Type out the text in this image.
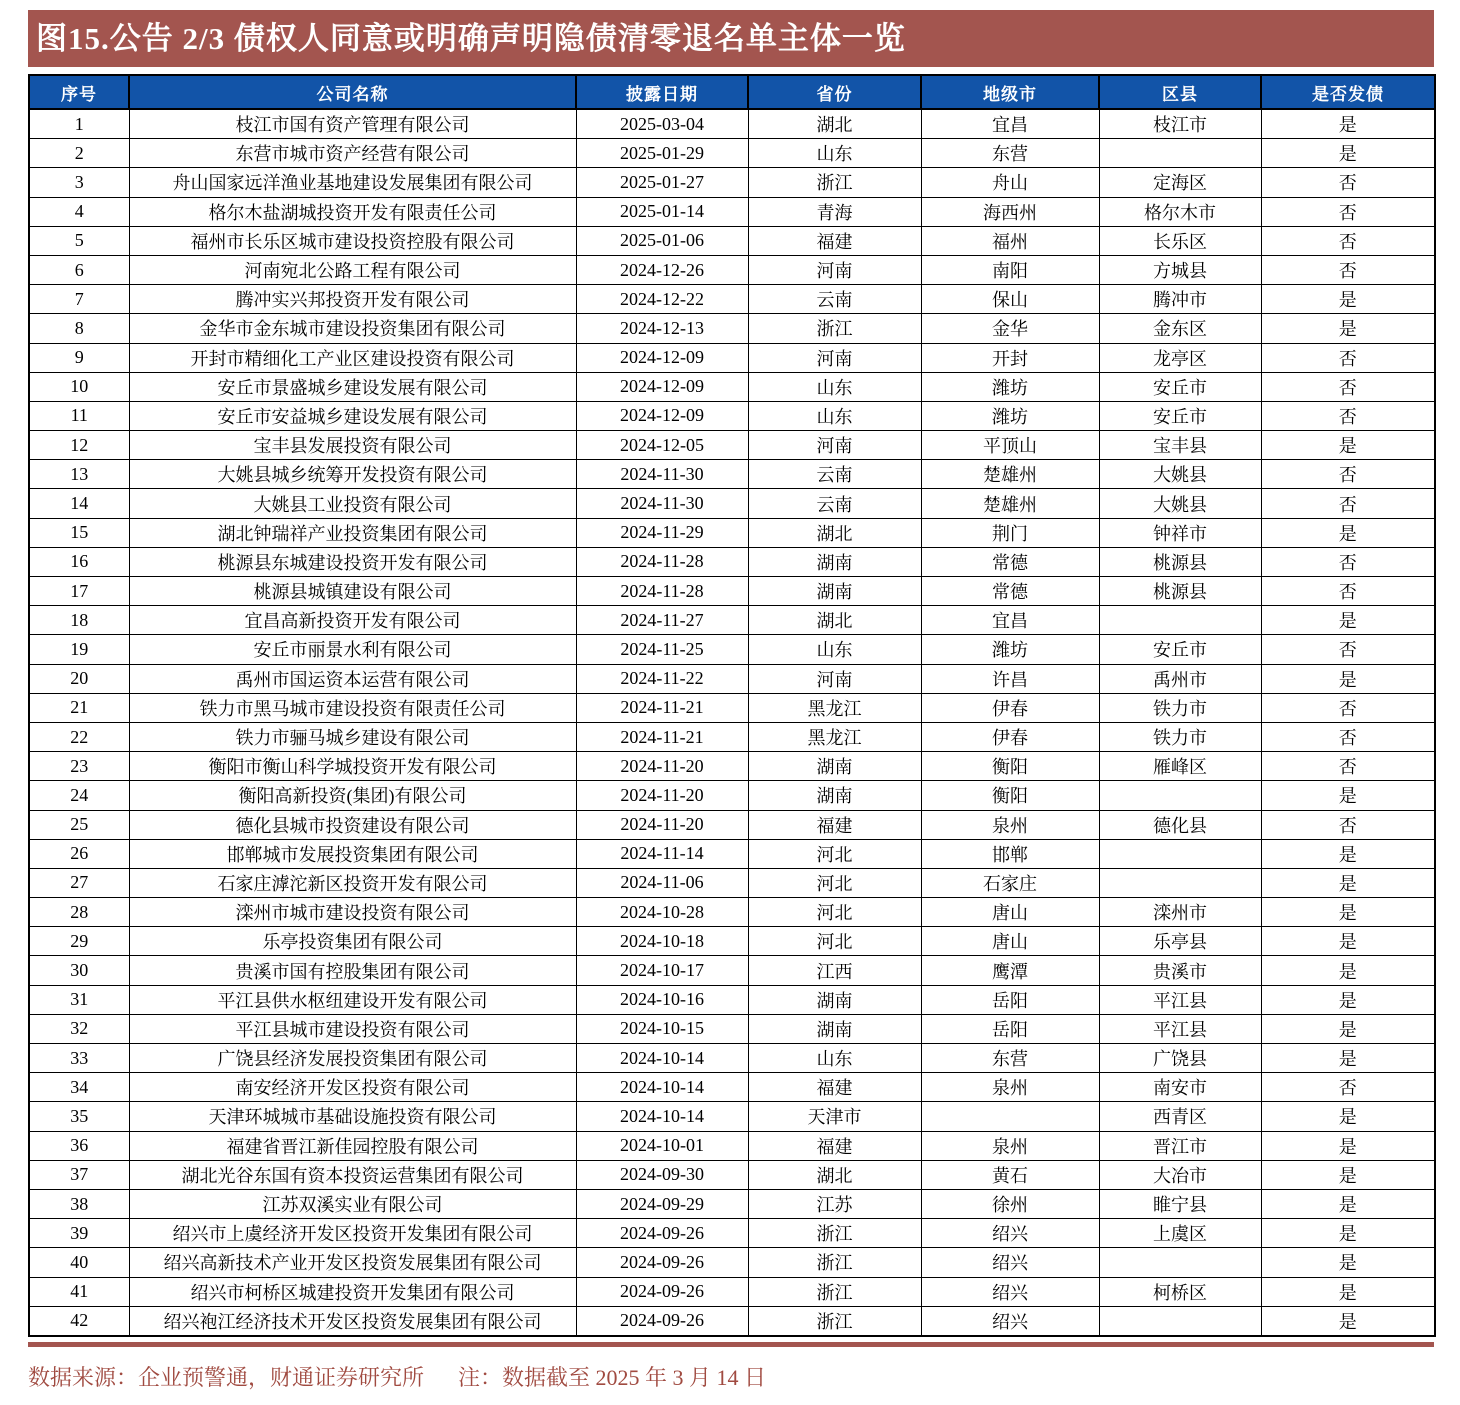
图15.公告 2/3 债权人同意或明确声明隐债清零退名单主体一览
序号	公司名称	披露日期	省份	地级市	区县	是否发债
1	枝江市国有资产管理有限公司	2025-03-04	湖北	宜昌	枝江市	是
2	东营市城市资产经营有限公司	2025-01-29	山东	东营		是
3	舟山国家远洋渔业基地建设发展集团有限公司	2025-01-27	浙江	舟山	定海区	否
4	格尔木盐湖城投资开发有限责任公司	2025-01-14	青海	海西州	格尔木市	否
5	福州市长乐区城市建设投资控股有限公司	2025-01-06	福建	福州	长乐区	否
6	河南宛北公路工程有限公司	2024-12-26	河南	南阳	方城县	否
7	腾冲实兴邦投资开发有限公司	2024-12-22	云南	保山	腾冲市	是
8	金华市金东城市建设投资集团有限公司	2024-12-13	浙江	金华	金东区	是
9	开封市精细化工产业区建设投资有限公司	2024-12-09	河南	开封	龙亭区	否
10	安丘市景盛城乡建设发展有限公司	2024-12-09	山东	潍坊	安丘市	否
11	安丘市安益城乡建设发展有限公司	2024-12-09	山东	潍坊	安丘市	否
12	宝丰县发展投资有限公司	2024-12-05	河南	平顶山	宝丰县	是
13	大姚县城乡统筹开发投资有限公司	2024-11-30	云南	楚雄州	大姚县	否
14	大姚县工业投资有限公司	2024-11-30	云南	楚雄州	大姚县	否
15	湖北钟瑞祥产业投资集团有限公司	2024-11-29	湖北	荆门	钟祥市	是
16	桃源县东城建设投资开发有限公司	2024-11-28	湖南	常德	桃源县	否
17	桃源县城镇建设有限公司	2024-11-28	湖南	常德	桃源县	否
18	宜昌高新投资开发有限公司	2024-11-27	湖北	宜昌		是
19	安丘市丽景水利有限公司	2024-11-25	山东	潍坊	安丘市	否
20	禹州市国运资本运营有限公司	2024-11-22	河南	许昌	禹州市	是
21	铁力市黑马城市建设投资有限责任公司	2024-11-21	黑龙江	伊春	铁力市	否
22	铁力市骊马城乡建设有限公司	2024-11-21	黑龙江	伊春	铁力市	否
23	衡阳市衡山科学城投资开发有限公司	2024-11-20	湖南	衡阳	雁峰区	否
24	衡阳高新投资(集团)有限公司	2024-11-20	湖南	衡阳		是
25	德化县城市投资建设有限公司	2024-11-20	福建	泉州	德化县	否
26	邯郸城市发展投资集团有限公司	2024-11-14	河北	邯郸		是
27	石家庄滹沱新区投资开发有限公司	2024-11-06	河北	石家庄		是
28	滦州市城市建设投资有限公司	2024-10-28	河北	唐山	滦州市	是
29	乐亭投资集团有限公司	2024-10-18	河北	唐山	乐亭县	是
30	贵溪市国有控股集团有限公司	2024-10-17	江西	鹰潭	贵溪市	是
31	平江县供水枢纽建设开发有限公司	2024-10-16	湖南	岳阳	平江县	是
32	平江县城市建设投资有限公司	2024-10-15	湖南	岳阳	平江县	是
33	广饶县经济发展投资集团有限公司	2024-10-14	山东	东营	广饶县	是
34	南安经济开发区投资有限公司	2024-10-14	福建	泉州	南安市	否
35	天津环城城市基础设施投资有限公司	2024-10-14	天津市		西青区	是
36	福建省晋江新佳园控股有限公司	2024-10-01	福建	泉州	晋江市	是
37	湖北光谷东国有资本投资运营集团有限公司	2024-09-30	湖北	黄石	大冶市	是
38	江苏双溪实业有限公司	2024-09-29	江苏	徐州	睢宁县	是
39	绍兴市上虞经济开发区投资开发集团有限公司	2024-09-26	浙江	绍兴	上虞区	是
40	绍兴高新技术产业开发区投资发展集团有限公司	2024-09-26	浙江	绍兴		是
41	绍兴市柯桥区城建投资开发集团有限公司	2024-09-26	浙江	绍兴	柯桥区	是
42	绍兴袍江经济技术开发区投资发展集团有限公司	2024-09-26	浙江	绍兴		是
数据来源：企业预警通，财通证券研究所 注：数据截至 2025 年 3 月 14 日
